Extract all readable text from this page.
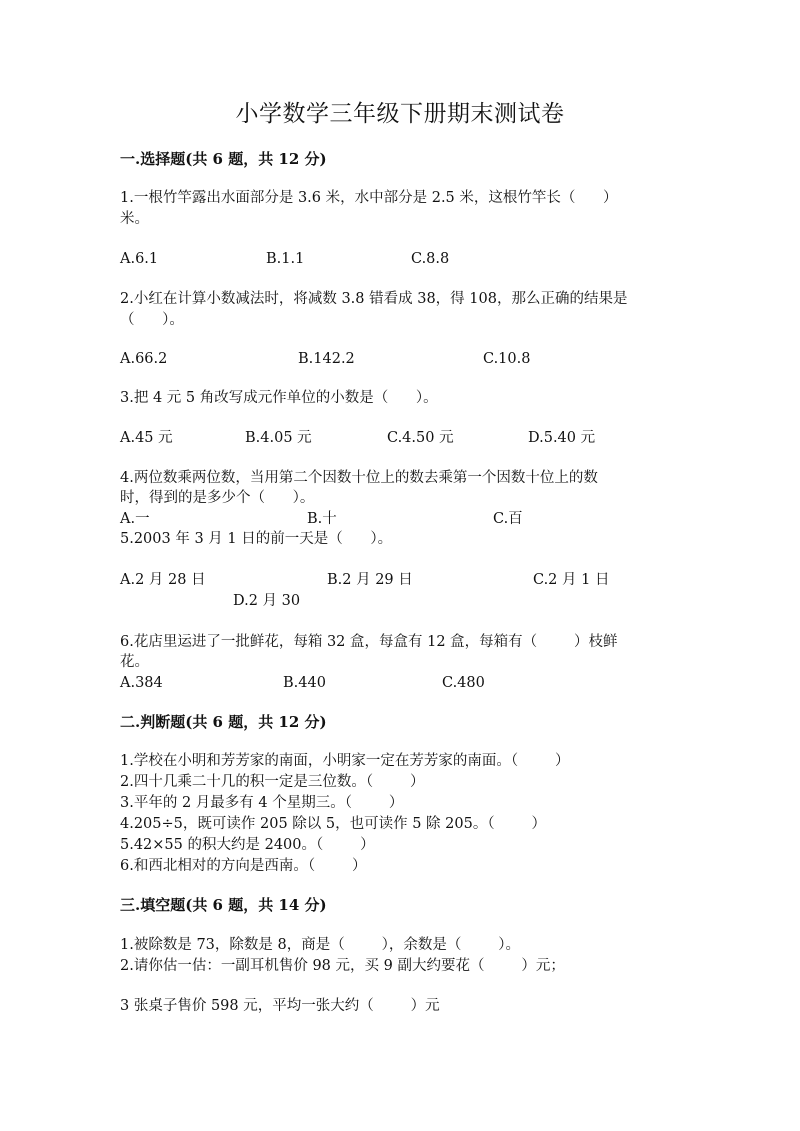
小学数学三年级下册期末测试卷
一.选择题(共 6 题，共 12 分)
1.一根竹竿露出水面部分是 3.6 米，水中部分是 2.5 米，这根竹竿长（      ）
米。
A.6.1	B.1.1	C.8.8
2.小红在计算小数减法时，将减数 3.8 错看成 38，得 108，那么正确的结果是
（      ）。
A.66.2	B.142.2	C.10.8
3.把 4 元 5 角改写成元作单位的小数是（      ）。
A.45 元	B.4.05 元	C.4.50 元	D.5.40 元
4.两位数乘两位数，当用第二个因数十位上的数去乘第一个因数十位上的数
时，得到的是多少个（      ）。
A.一	B.十	C.百
5.2003 年 3 月 1 日的前一天是（      ）。
A.2 月 28 日	B.2 月 29 日	C.2 月 1 日
D.2 月 30
6.花店里运进了一批鲜花，每箱 32 盒，每盒有 12 盒，每箱有（        ）枝鲜
花。
A.384	B.440	C.480
二.判断题(共 6 题，共 12 分)
1.学校在小明和芳芳家的南面，小明家一定在芳芳家的南面。（        ）
2.四十几乘二十几的积一定是三位数。（        ）
3.平年的 2 月最多有 4 个星期三。（        ）
4.205÷5，既可读作 205 除以 5，也可读作 5 除 205。（        ）
5.42×55 的积大约是 2400。（        ）
6.和西北相对的方向是西南。（        ）
三.填空题(共 6 题，共 14 分)
1.被除数是 73，除数是 8，商是（        ），余数是（        ）。
2.请你估一估：一副耳机售价 98 元，买 9 副大约要花（        ）元；
3 张桌子售价 598 元，平均一张大约（        ）元
